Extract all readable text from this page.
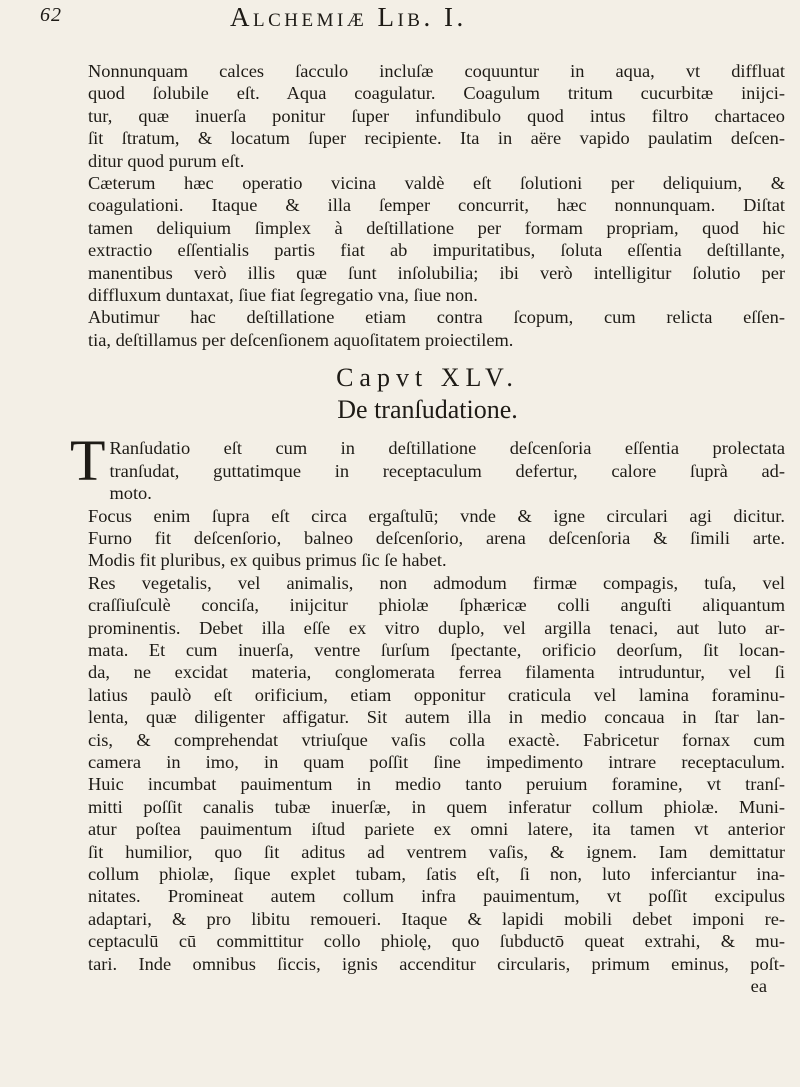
62	Alchemiæ Lib. I.

Nonnunquam calces ſacculo incluſæ coquuntur in aqua, vt diffluat
quod ſolubile eſt. Aqua coagulatur. Coagulum tritum cucurbitæ inijci-
tur, quæ inuerſa ponitur ſuper infundibulo quod intus filtro chartaceo
ſit ſtratum, & locatum ſuper recipiente. Ita in aëre vapido paulatim deſcen-
ditur quod purum eſt.

Cæterum hæc operatio vicina valdè eſt ſolutioni per deliquium, &
coagulationi. Itaque & illa ſemper concurrit, hæc nonnunquam. Diſtat
tamen deliquium ſimplex à deſtillatione per formam propriam, quod hic
extractio eſſentialis partis fiat ab impuritatibus, ſoluta eſſentia deſtillante,
manentibus verò illis quæ ſunt inſolubilia; ibi verò intelligitur ſolutio per
diffluxum duntaxat, ſiue fiat ſegregatio vna, ſiue non.
Abutimur hac deſtillatione etiam contra ſcopum, cum relicta eſſen-
tia, deſtillamus per deſcenſionem aquoſitatem proiectilem.

Capvt XLV.
De tranſudatione.

T Ranſudatio eſt cum in deſtillatione deſcenſoria eſſentia prolectata
tranſudat, guttatimque in receptaculum defertur, calore ſuprà ad-
moto.

Focus enim ſupra eſt circa ergaſtulū; vnde & igne circulari agi dicitur.
Furno fit deſcenſorio, balneo deſcenſorio, arena deſcenſoria & ſimili arte.
Modis fit pluribus, ex quibus primus ſic ſe habet.

Res vegetalis, vel animalis, non admodum firmæ compagis, tuſa, vel
craſſiuſculè conciſa, inijcitur phiolæ ſphæricæ colli anguſti aliquantum
prominentis. Debet illa eſſe ex vitro duplo, vel argilla tenaci, aut luto ar-
mata. Et cum inuerſa, ventre ſurſum ſpectante, orificio deorſum, ſit locan-
da, ne excidat materia, conglomerata ferrea filamenta intruduntur, vel ſi
latius paulò eſt orificium, etiam opponitur craticula vel lamina foraminu-
lenta, quæ diligenter affigatur. Sit autem illa in medio concaua in ſtar lan-
cis, & comprehendat vtriuſque vaſis colla exactè. Fabricetur fornax cum
camera in imo, in quam poſſit ſine impedimento intrare receptaculum.
Huic incumbat pauimentum in medio tanto peruium foramine, vt tranſ-
mitti poſſit canalis tubæ inuerſæ, in quem inferatur collum phiolæ. Muni-
atur poſtea pauimentum iſtud pariete ex omni latere, ita tamen vt anterior
ſit humilior, quo ſit aditus ad ventrem vaſis, & ignem. Iam demittatur
collum phiolæ, ſique explet tubam, ſatis eſt, ſi non, luto inferciantur ina-
nitates. Promineat autem collum infra pauimentum, vt poſſit excipulus
adaptari, & pro libitu remoueri. Itaque & lapidi mobili debet imponi re-
ceptaculū cū committitur collo phiolę, quo ſubductō queat extrahi, & mu-
tari. Inde omnibus ſiccis, ignis accenditur circularis, primum eminus, poſt-

ea
